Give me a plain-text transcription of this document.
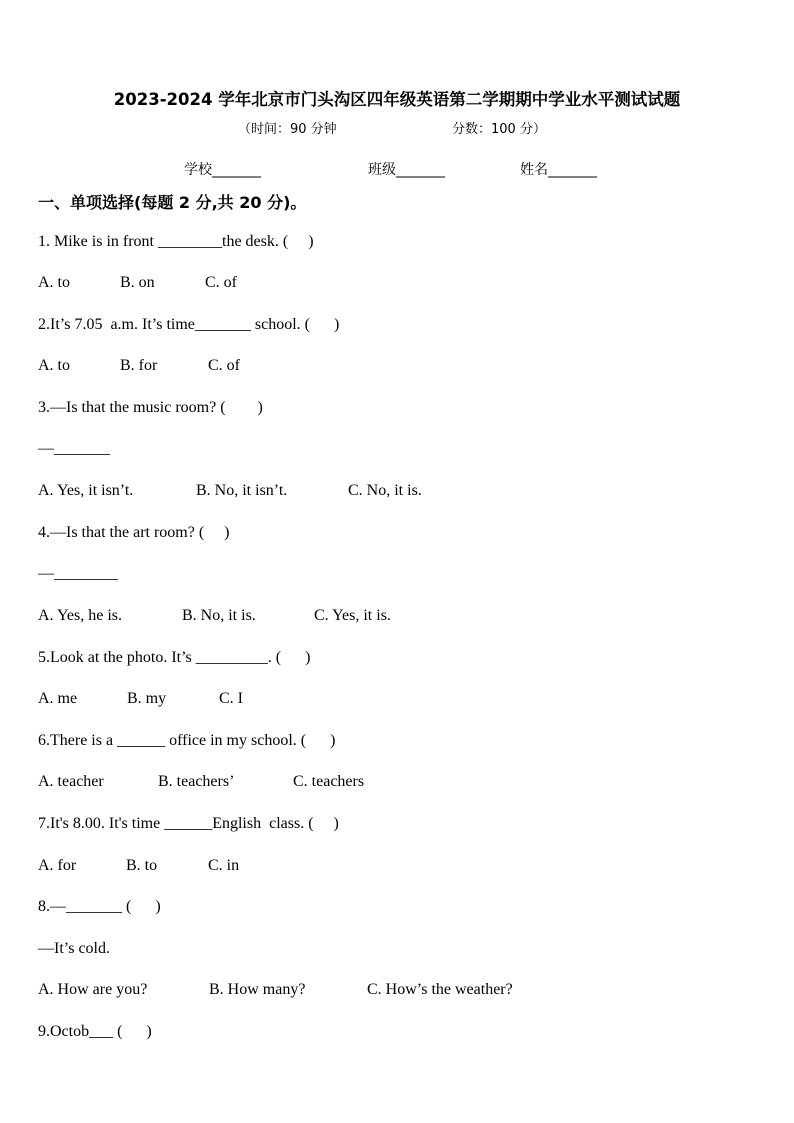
2023-2024 学年北京市门头沟区四年级英语第二学期期中学业水平测试试题
（时间：90 分钟	分数：100 分）
学校_______	班级_______	姓名_______
一、单项选择(每题 2 分,共 20 分)。
1. Mike is in front ________the desk. (     )
A. to	B. on	C. of
2.It’s 7.05  a.m. It’s time_______ school. (      )
A. to	B. for	C. of
3.—Is that the music room? (        )
—_______
A. Yes, it isn’t.	B. No, it isn’t.	C. No, it is.
4.—Is that the art room? (     )
—________
A. Yes, he is.	B. No, it is.	C. Yes, it is.
5.Look at the photo. It’s _________. (      )
A. me	B. my	C. I
6.There is a ______ office in my school. (      )
A. teacher	B. teachers’	C. teachers
7.It's 8.00. It's time ______English  class. (     )
A. for	B. to	C. in
8.—_______ (      )
—It’s cold.
A. How are you?	B. How many?	C. How’s the weather?
9.Octob___ (      )
